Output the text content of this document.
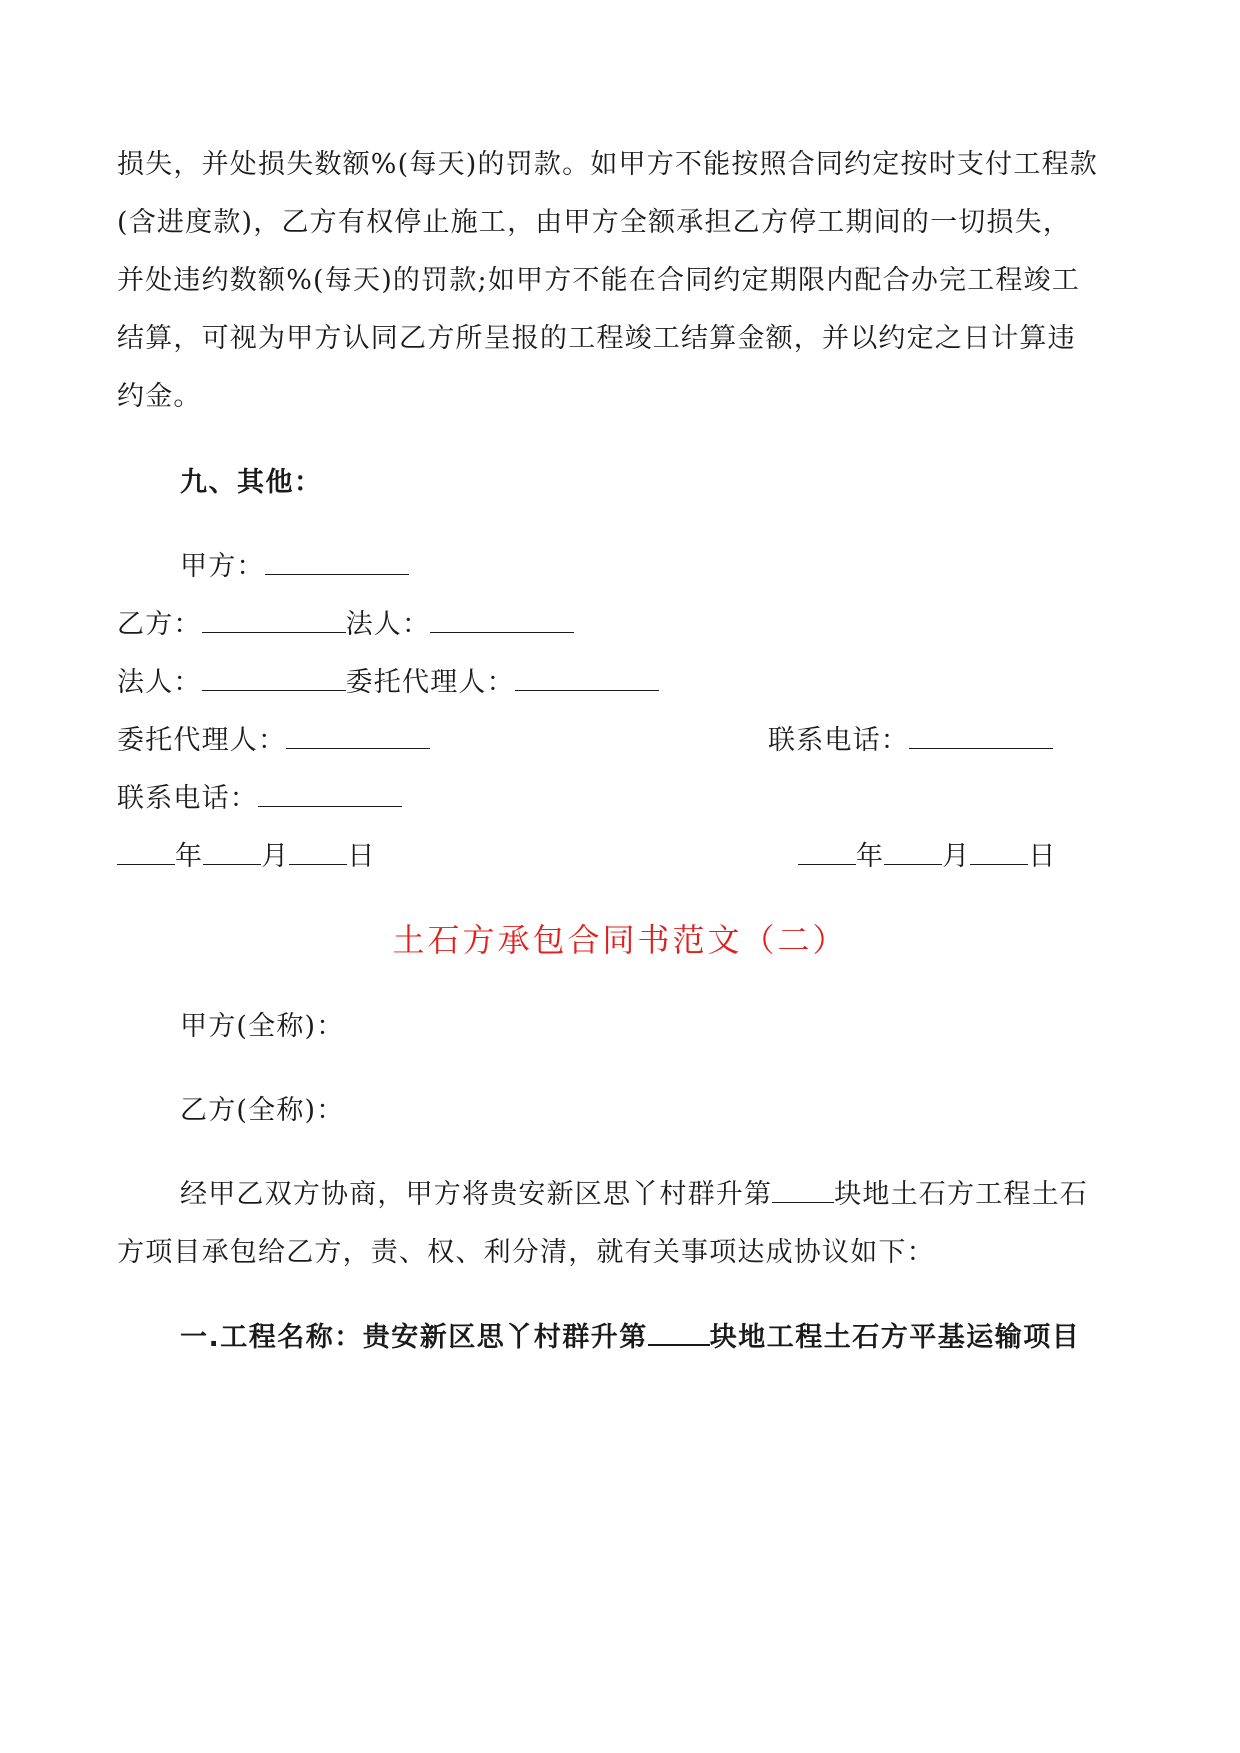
损失，并处损失数额%(每天)的罚款。如甲方不能按照合同约定按时支付工程款

(含进度款)，乙方有权停止施工，由甲方全额承担乙方停工期间的一切损失，

并处违约数额%(每天)的罚款;如甲方不能在合同约定期限内配合办完工程竣工

结算，可视为甲方认同乙方所呈报的工程竣工结算金额，并以约定之日计算违

约金。

九、其他：

甲方：
乙方：	法人：
法人：	委托代理人：
委托代理人：	联系电话：
联系电话：
年 月 日	年 月 日
土石方承包合同书范文（二）

甲方(全称)：

乙方(全称)：

经甲乙双方协商，甲方将贵安新区思丫村群升第 块地土石方工程土石

方项目承包给乙方，责、权、利分清，就有关事项达成协议如下：

一.工程名称：贵安新区思丫村群升第 块地工程土石方平基运输项目
